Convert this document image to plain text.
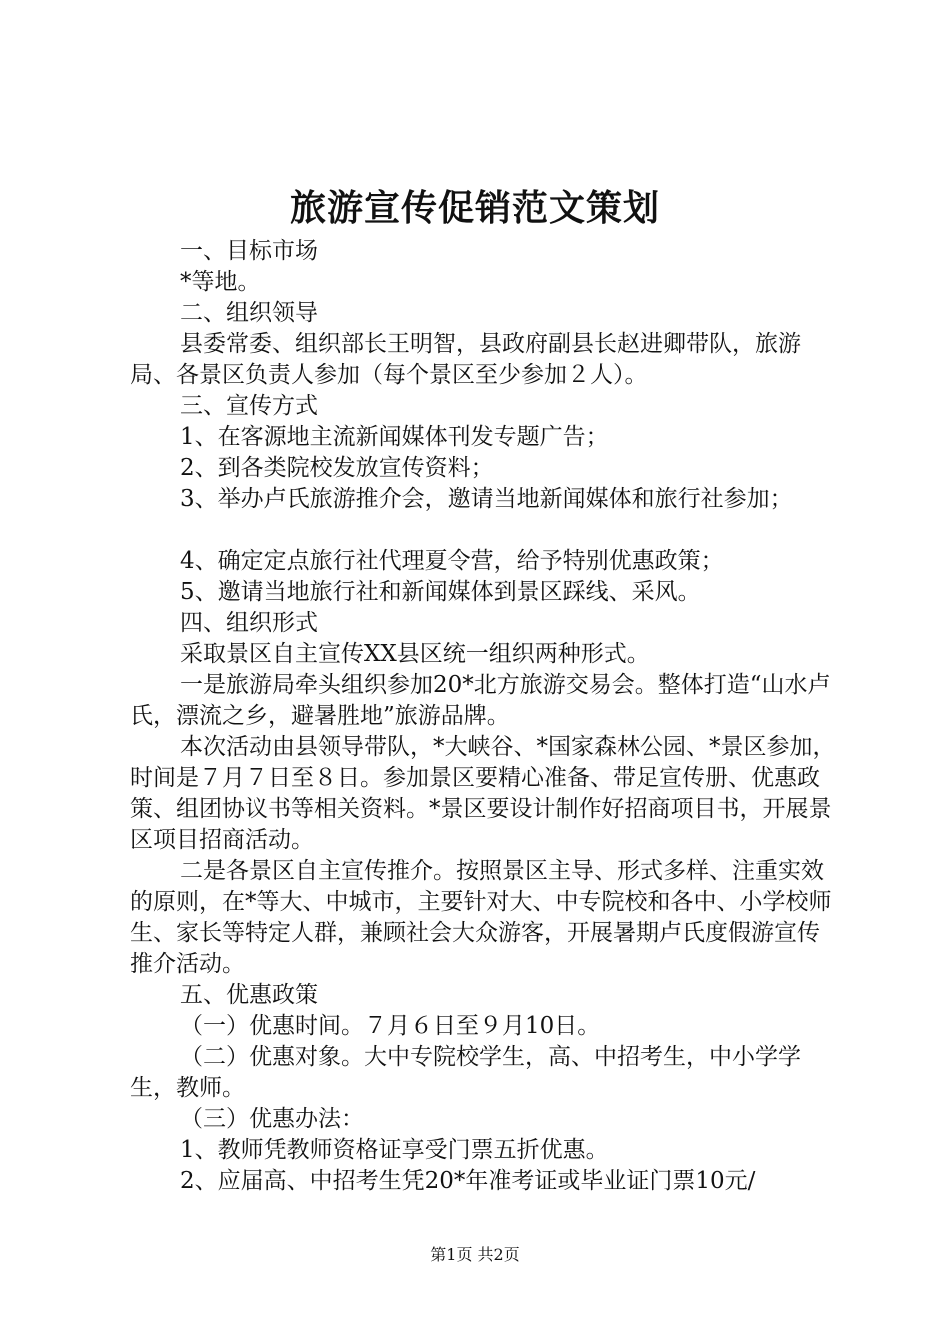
旅游宣传促销范文策划

一、目标市场

*等地。

二、组织领导

县委常委、组织部长王明智，县政府副县长赵进卿带队，旅游局、各景区负责人参加（每个景区至少参加２人）。

三、宣传方式

1、在客源地主流新闻媒体刊发专题广告；

2、到各类院校发放宣传资料；

3、举办卢氏旅游推介会，邀请当地新闻媒体和旅行社参加；

4、确定定点旅行社代理夏令营，给予特别优惠政策；

5、邀请当地旅行社和新闻媒体到景区踩线、采风。

四、组织形式

采取景区自主宣传XX县区统一组织两种形式。

一是旅游局牵头组织参加20*北方旅游交易会。整体打造“山水卢氏，漂流之乡，避暑胜地”旅游品牌。

本次活动由县领导带队，*大峡谷、*国家森林公园、*景区参加，时间是７月７日至８日。参加景区要精心准备、带足宣传册、优惠政策、组团协议书等相关资料。*景区要设计制作好招商项目书，开展景区项目招商活动。

二是各景区自主宣传推介。按照景区主导、形式多样、注重实效的原则，在*等大、中城市，主要针对大、中专院校和各中、小学校师生、家长等特定人群，兼顾社会大众游客，开展暑期卢氏度假游宣传推介活动。

五、优惠政策

（一）优惠时间。７月６日至９月10日。

（二）优惠对象。大中专院校学生，高、中招考生，中小学学生，教师。

（三）优惠办法：

1、教师凭教师资格证享受门票五折优惠。

2、应届高、中招考生凭20*年准考证或毕业证门票10元/

第1页 共2页
